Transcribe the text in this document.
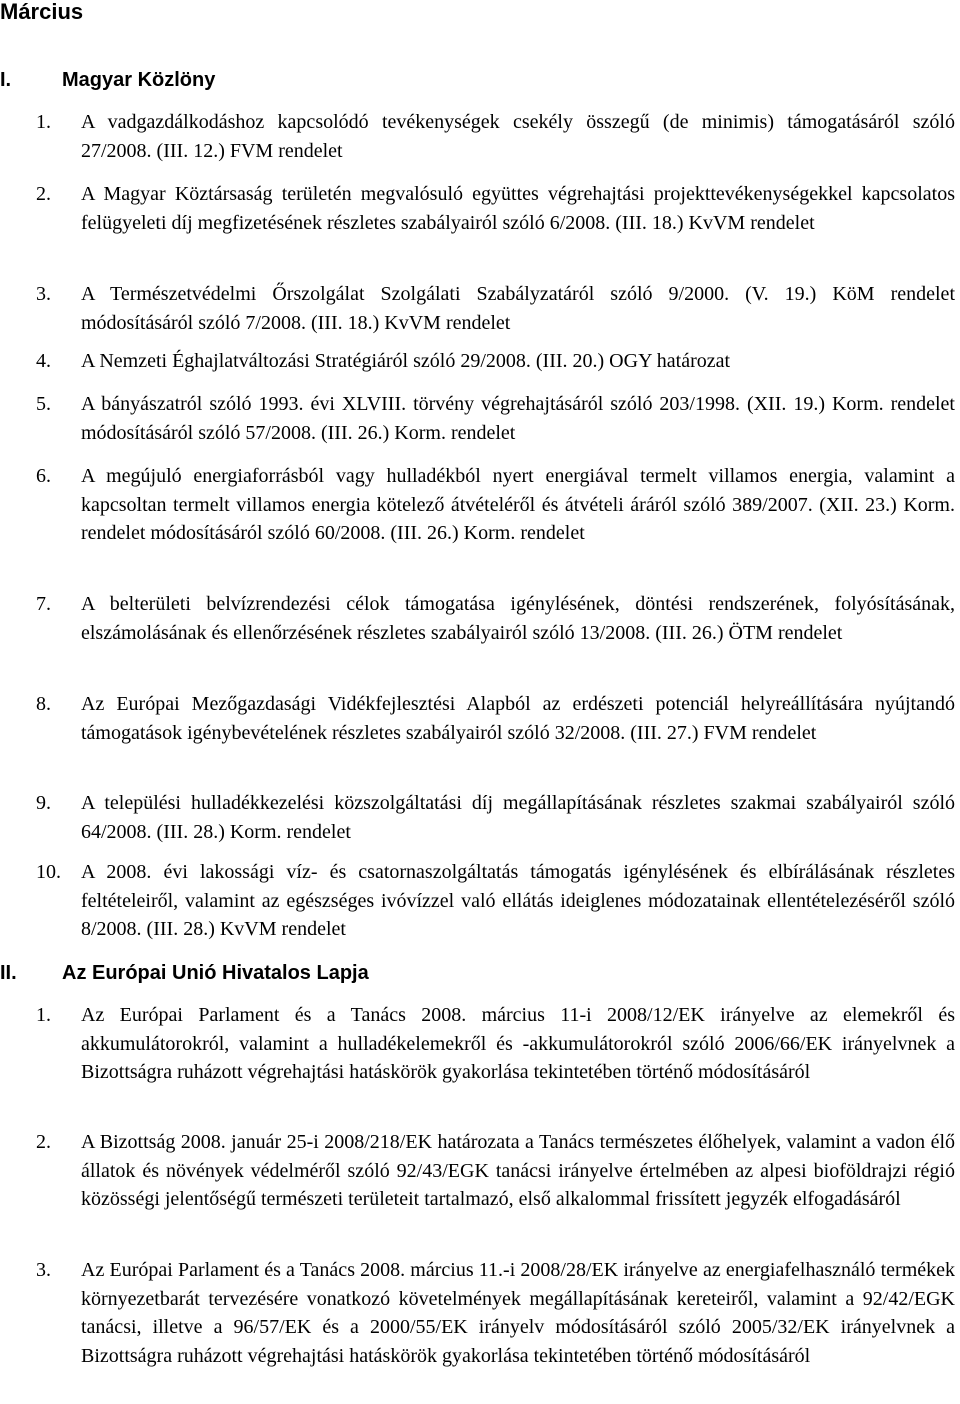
Március
I.	Magyar Közlöny
1. A vadgazdálkodáshoz kapcsolódó tevékenységek csekély összegű (de minimis) támogatásáról szóló 27/2008. (III. 12.) FVM rendelet
2. A Magyar Köztársaság területén megvalósuló együttes végrehajtási projekttevékenységekkel kapcsolatos felügyeleti díj megfizetésének részletes szabályairól szóló 6/2008. (III. 18.) KvVM rendelet
3. A Természetvédelmi Őrszolgálat Szolgálati Szabályzatáról szóló 9/2000. (V. 19.) KöM rendelet módosításáról szóló 7/2008. (III. 18.) KvVM rendelet
4. A Nemzeti Éghajlatváltozási Stratégiáról szóló 29/2008. (III. 20.) OGY határozat
5. A bányászatról szóló 1993. évi XLVIII. törvény végrehajtásáról szóló 203/1998. (XII. 19.) Korm. rendelet módosításáról szóló 57/2008. (III. 26.) Korm. rendelet
6. A megújuló energiaforrásból vagy hulladékból nyert energiával termelt villamos energia, valamint a kapcsoltan termelt villamos energia kötelező átvételéről és átvételi áráról szóló 389/2007. (XII. 23.) Korm. rendelet módosításáról szóló 60/2008. (III. 26.) Korm. rendelet
7. A belterületi belvízrendezési célok támogatása igénylésének, döntési rendszerének, folyósításának, elszámolásának és ellenőrzésének részletes szabályairól szóló 13/2008. (III. 26.) ÖTM rendelet
8. Az Európai Mezőgazdasági Vidékfejlesztési Alapból az erdészeti potenciál helyreállítására nyújtandó támogatások igénybevételének részletes szabályairól szóló 32/2008. (III. 27.) FVM rendelet
9. A települési hulladékkezelési közszolgáltatási díj megállapításának részletes szakmai szabályairól szóló 64/2008. (III. 28.) Korm. rendelet
10. A 2008. évi lakossági víz- és csatornaszolgáltatás támogatás igénylésének és elbírálásának részletes feltételeiről, valamint az egészséges ivóvízzel való ellátás ideiglenes módozatainak ellentételezéséről szóló 8/2008. (III. 28.) KvVM rendelet
II. Az Európai Unió Hivatalos Lapja
1. Az Európai Parlament és a Tanács 2008. március 11-i 2008/12/EK irányelve az elemekről és akkumulátorokról, valamint a hulladékelemekről és -akkumulátorokról szóló 2006/66/EK irányelvnek a Bizottságra ruházott végrehajtási hatáskörök gyakorlása tekintetében történő módosításáról
2. A Bizottság 2008. január 25-i 2008/218/EK határozata a Tanács természetes élőhelyek, valamint a vadon élő állatok és növények védelméről szóló 92/43/EGK tanácsi irányelve értelmében az alpesi bioföldrajzi régió közösségi jelentőségű természeti területeit tartalmazó, első alkalommal frissített jegyzék elfogadásáról
3. Az Európai Parlament és a Tanács 2008. március 11.-i 2008/28/EK irányelve az energiafelhasználó termékek környezetbarát tervezésére vonatkozó követelmények megállapításának kereteiről, valamint a 92/42/EGK tanácsi, illetve a 96/57/EK és a 2000/55/EK irányelv módosításáról szóló 2005/32/EK irányelvnek a Bizottságra ruházott végrehajtási hatáskörök gyakorlása tekintetében történő módosításáról
